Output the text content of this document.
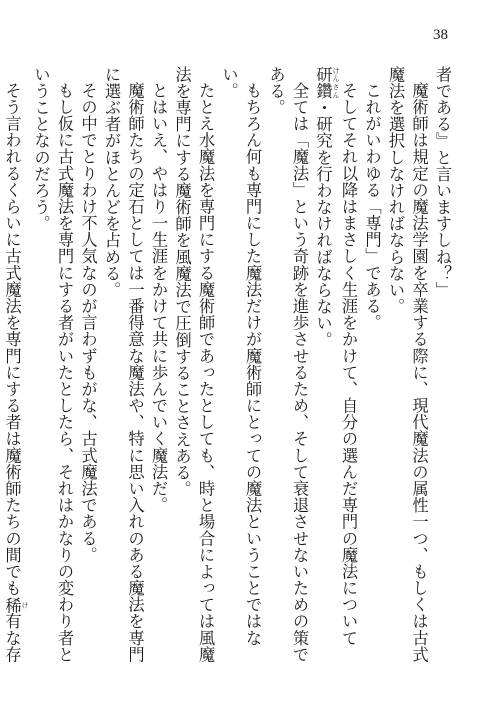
38

者である』と言いますしね？」

魔術師は規定の魔法学園を卒業する際に、現代魔法の属性一つ、もしくは古式魔法を選択しなければならない。

これがいわゆる「専門」である。

そしてそれ以降はまさしく生涯をかけて、自分の選んだ専門の魔法について研鑽 けんさん・研究を行わなければならない。

全ては「魔法」という奇跡を進歩させるため、そして衰退させないための策である。

もちろん何も専門にした魔法だけが魔術師にとっての魔法ということではない。

たとえ水魔法を専門にする魔術師であったとしても、時と場合によっては風魔法を専門にする魔術師を風魔法で圧倒することさえある。

とはいえ、やはり一生涯をかけて共に歩んでいく魔法だ。

魔術師たちの定石としては一番得意な魔法や、特に思い入れのある魔法を専門に選ぶ者がほとんどを占める。

その中でとりわけ不人気なのが言わずもがな、古式魔法である。

もし仮に古式魔法を専門にする者がいたとしたら、それはかなりの変わり者ということなのだろう。

そう言われるくらいに古式魔法を専門にする者は魔術師たちの間でも稀 け有な存
